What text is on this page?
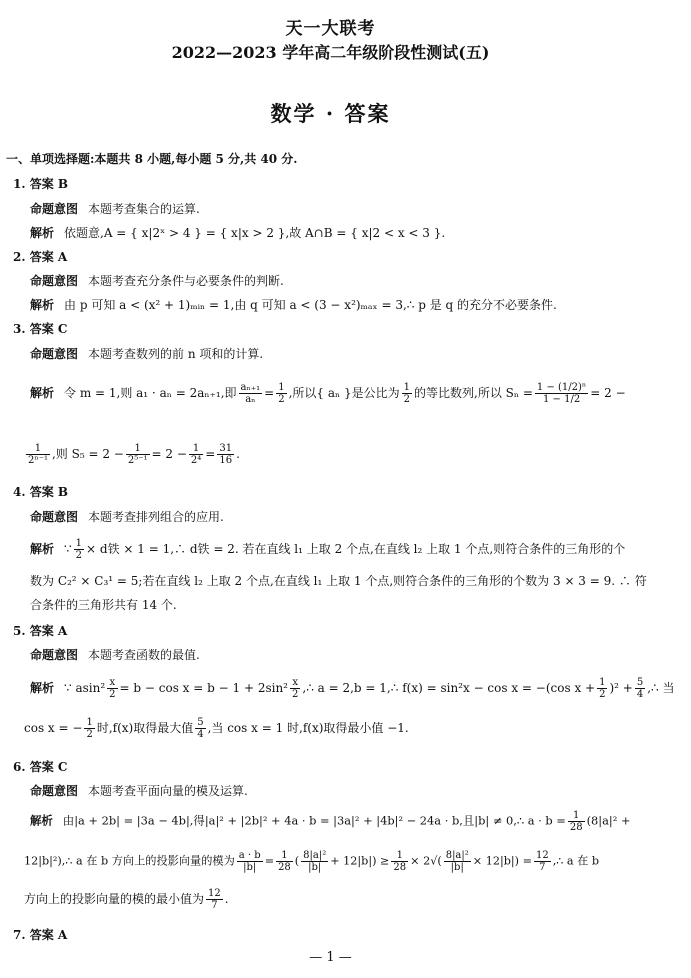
天一大联考
2022—2023 学年高二年级阶段性测试(五)
数学 · 答案
一、单项选择题:本题共 8 小题,每小题 5 分,共 40 分.
1. 答案 B
命题意图 本题考查集合的运算.
解析 依题意,A = { x|2ˣ > 4 } = { x|x > 2 },故 A∩B = { x|2 < x < 3 }.
2. 答案 A
命题意图 本题考查充分条件与必要条件的判断.
解析 由 p 可知 a < (x² + 1)ₘᵢₙ = 1,由 q 可知 a < (3 − x²)ₘₐₓ = 3,∴ p 是 q 的充分不必要条件.
3. 答案 C
命题意图 本题考查数列的前 n 项和的计算.
解析 令 m = 1,则 a₁ · aₙ = 2aₙ₊₁,即 $\frac{\text{aₙ₊₁}}{\text{aₙ}} = \frac{1}{2}$ ,所以{ aₙ }是公比为 $\frac{1}{2}$ 的等比数列,所以 $S_n = \frac{\text{1 − (1/2)ⁿ}}{1 - 1/2} = 2$ −
$\frac{1}{\text{2ⁿ⁻¹}}$ ,则 $S_5 = 2 - \frac{1}{\text{2⁵⁻¹}} = 2 - \frac{1}{\text{2⁴}} = \frac{31}{16}$ .
4. 答案 B
命题意图 本题考查排列组合的应用.
解析 ∵ $\frac{1}{2} \times d$铁 × 1 = 1,∴ d铁 = 2. 若在直线 l₁ 上取 2 个点,在直线 l₂ 上取 1 个点,则符合条件的三角形的个
数为 C₂² × C₃¹ = 5;若在直线 l₂ 上取 2 个点,在直线 l₁ 上取 1 个点,则符合条件的三角形的个数为 3 × 3 = 9. ∴ 符
合条件的三角形共有 14 个.
5. 答案 A
命题意图 本题考查函数的最值.
解析 ∵ $asin^2 \frac{x}{2} = b - \cos x = b - 1 + 2\sin^2 \frac{x}{2}$ ,∴ a = 2,b = 1,∴ f(x) = sin²x − cos x = −(cos $x + \frac{1}{2} )^2 + \frac{5}{4}$ ,∴ 当
cos x = − $\frac{1}{2}$ 时,f(x)取得最大值 $\frac{5}{4}$ ,当 cos x = 1 时,f(x)取得最小值 −1.
6. 答案 C
命题意图 本题考查平面向量的模及运算.
解析 由|a + 2b| = |3a − 4b|,得|a|² + |2b|² + 4a · b = |3a|² + |4b|² − 24a · b,且|b| ≠ 0,∴ $a \cdot b = \frac{1}{28} (8|a|^2$ +
12|b|²),∴ a 在 b 方向上的投影向量的模为 $\frac{a \cdot b}{|b|} = \frac{1}{28}$ ( $\frac{\text{8|a|²}}{|b|} + 12|b|) \ge \frac{1}{28} \times 2√( \frac{\text{8|a|²}}{|b|} \times 12|b|) = \frac{12}{7}$ ,∴ a 在 b
方向上的投影向量的模的最小值为 $\frac{12}{7}$ .
7. 答案 A
— 1 —
